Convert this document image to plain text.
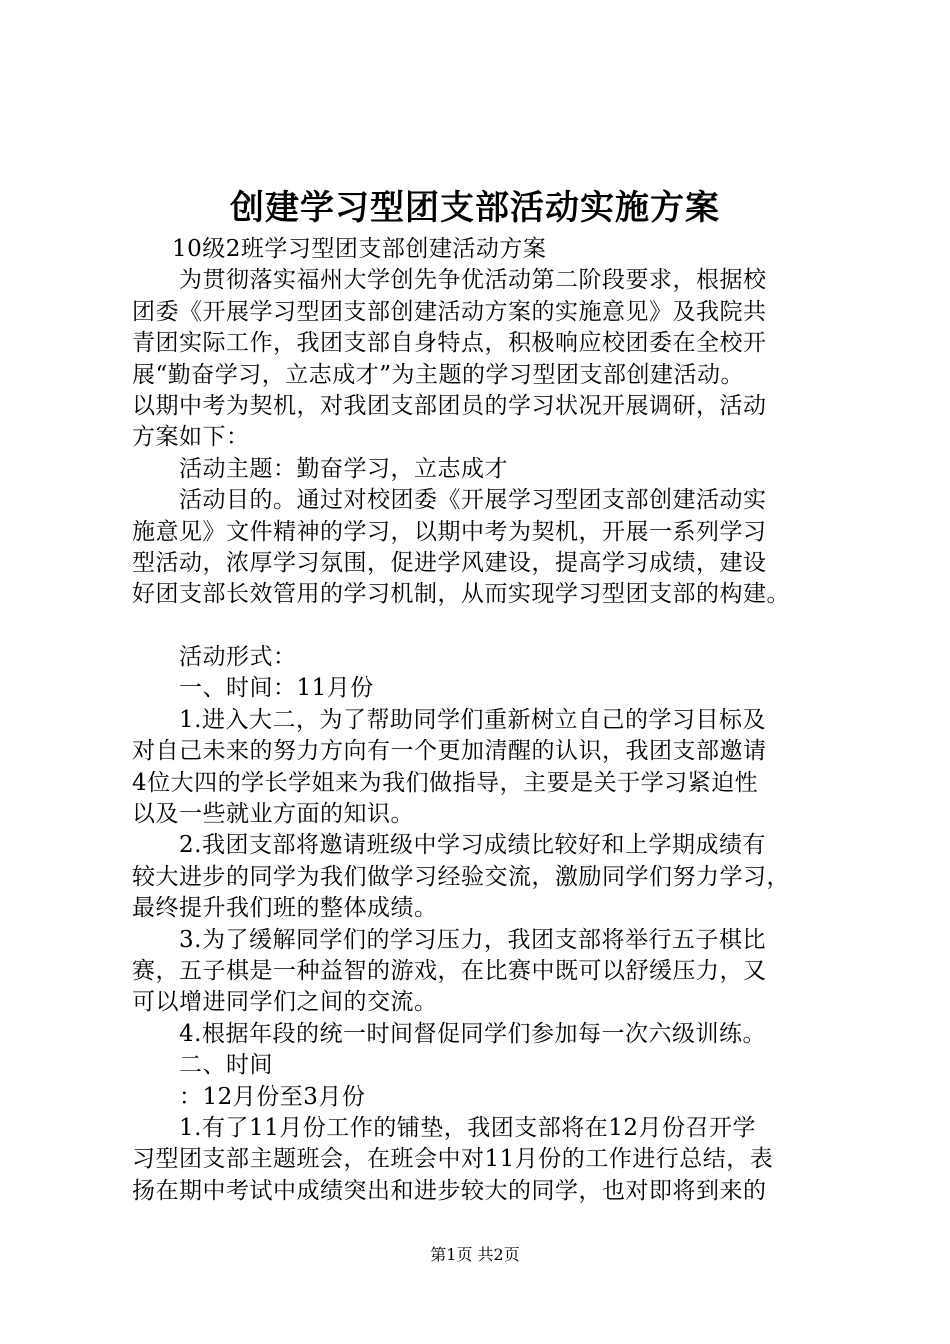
创建学习型团支部活动实施方案
10级2班学习型团支部创建活动方案
为贯彻落实福州大学创先争优活动第二阶段要求，根据校
团委《开展学习型团支部创建活动方案的实施意见》及我院共
青团实际工作，我团支部自身特点，积极响应校团委在全校开
展“勤奋学习，立志成才”为主题的学习型团支部创建活动。
以期中考为契机，对我团支部团员的学习状况开展调研，活动
方案如下：
活动主题：勤奋学习，立志成才
活动目的。通过对校团委《开展学习型团支部创建活动实
施意见》文件精神的学习，以期中考为契机，开展一系列学习
型活动，浓厚学习氛围，促进学风建设，提高学习成绩，建设
好团支部长效管用的学习机制，从而实现学习型团支部的构建。
活动形式：
一、时间：11月份
1.进入大二，为了帮助同学们重新树立自己的学习目标及
对自己未来的努力方向有一个更加清醒的认识，我团支部邀请
4位大四的学长学姐来为我们做指导，主要是关于学习紧迫性
以及一些就业方面的知识。
2.我团支部将邀请班级中学习成绩比较好和上学期成绩有
较大进步的同学为我们做学习经验交流，激励同学们努力学习，
最终提升我们班的整体成绩。
3.为了缓解同学们的学习压力，我团支部将举行五子棋比
赛，五子棋是一种益智的游戏，在比赛中既可以舒缓压力，又
可以增进同学们之间的交流。
4.根据年段的统一时间督促同学们参加每一次六级训练。
二、时间
：12月份至3月份
1.有了11月份工作的铺垫，我团支部将在12月份召开学
习型团支部主题班会，在班会中对11月份的工作进行总结，表
扬在期中考试中成绩突出和进步较大的同学，也对即将到来的
第1页 共2页
